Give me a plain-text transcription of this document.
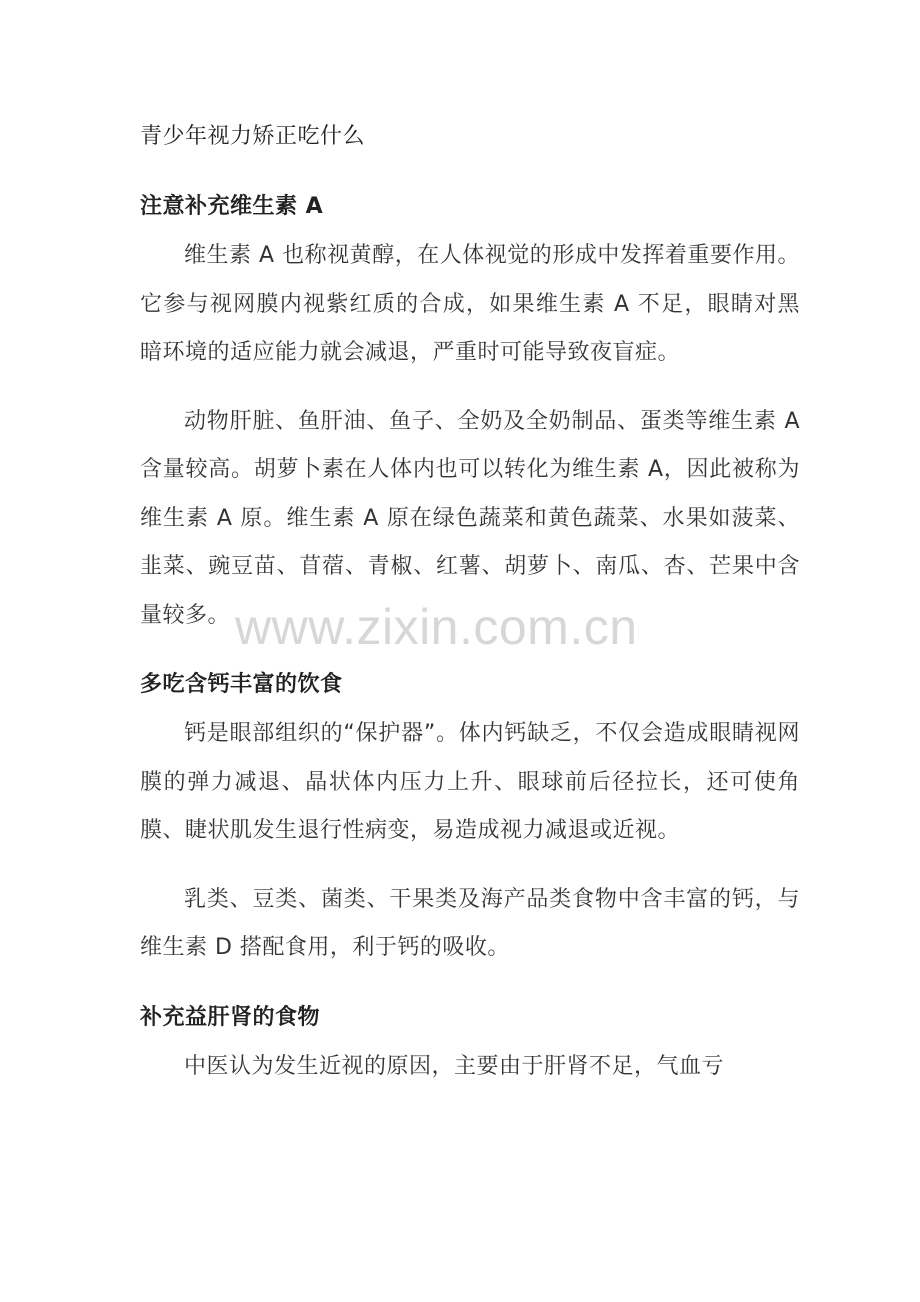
青少年视力矫正吃什么
注意补充维生素 A

维生素 A 也称视黄醇，在人体视觉的形成中发挥着重要作用。它参与视网膜内视紫红质的合成，如果维生素 A 不足，眼睛对黑暗环境的适应能力就会减退，严重时可能导致夜盲症。

动物肝脏、鱼肝油、鱼子、全奶及全奶制品、蛋类等维生素 A 含量较高。胡萝卜素在人体内也可以转化为维生素 A，因此被称为维生素 A 原。维生素 A 原在绿色蔬菜和黄色蔬菜、水果如菠菜、韭菜、豌豆苗、苜蓿、青椒、红薯、胡萝卜、南瓜、杏、芒果中含量较多。

多吃含钙丰富的饮食

钙是眼部组织的“保护器”。体内钙缺乏，不仅会造成眼睛视网膜的弹力减退、晶状体内压力上升、眼球前后径拉长，还可使角膜、睫状肌发生退行性病变，易造成视力减退或近视。

乳类、豆类、菌类、干果类及海产品类食物中含丰富的钙，与维生素 D 搭配食用，利于钙的吸收。

补充益肝肾的食物

中医认为发生近视的原因，主要由于肝肾不足，气血亏

www.zixin.com.cn
